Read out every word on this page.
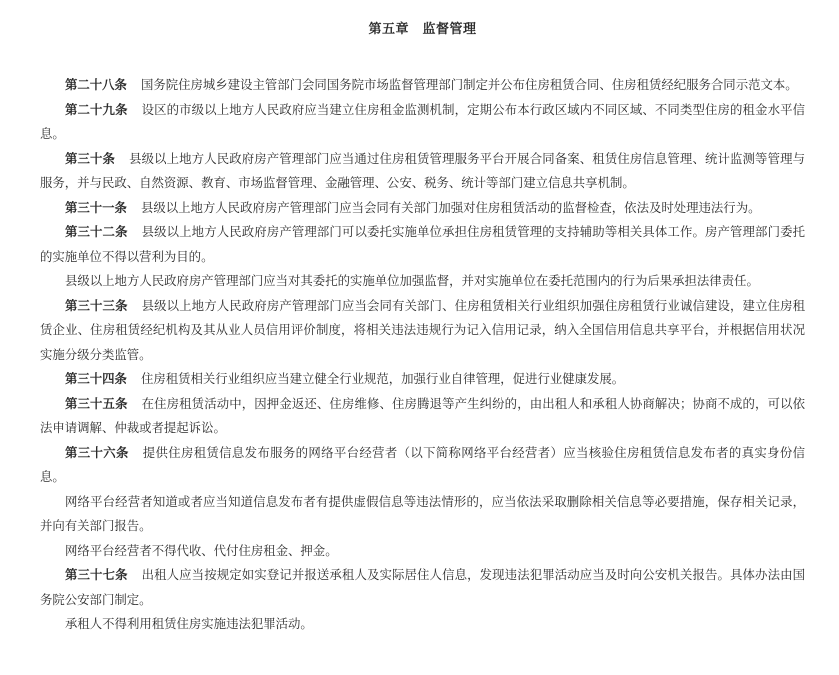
第五章　监督管理

第二十八条 国务院住房城乡建设主管部门会同国务院市场监督管理部门制定并公布住房租赁合同、住房租赁经纪服务合同示范文本。

第二十九条 设区的市级以上地方人民政府应当建立住房租金监测机制，定期公布本行政区域内不同区域、不同类型住房的租金水平信息。

第三十条 县级以上地方人民政府房产管理部门应当通过住房租赁管理服务平台开展合同备案、租赁住房信息管理、统计监测等管理与服务，并与民政、自然资源、教育、市场监督管理、金融管理、公安、税务、统计等部门建立信息共享机制。

第三十一条 县级以上地方人民政府房产管理部门应当会同有关部门加强对住房租赁活动的监督检查，依法及时处理违法行为。

第三十二条 县级以上地方人民政府房产管理部门可以委托实施单位承担住房租赁管理的支持辅助等相关具体工作。房产管理部门委托的实施单位不得以营利为目的。

县级以上地方人民政府房产管理部门应当对其委托的实施单位加强监督，并对实施单位在委托范围内的行为后果承担法律责任。

第三十三条 县级以上地方人民政府房产管理部门应当会同有关部门、住房租赁相关行业组织加强住房租赁行业诚信建设，建立住房租赁企业、住房租赁经纪机构及其从业人员信用评价制度，将相关违法违规行为记入信用记录，纳入全国信用信息共享平台，并根据信用状况实施分级分类监管。

第三十四条 住房租赁相关行业组织应当建立健全行业规范，加强行业自律管理，促进行业健康发展。

第三十五条 在住房租赁活动中，因押金返还、住房维修、住房腾退等产生纠纷的，由出租人和承租人协商解决；协商不成的，可以依法申请调解、仲裁或者提起诉讼。

第三十六条 提供住房租赁信息发布服务的网络平台经营者（以下简称网络平台经营者）应当核验住房租赁信息发布者的真实身份信息。

网络平台经营者知道或者应当知道信息发布者有提供虚假信息等违法情形的，应当依法采取删除相关信息等必要措施，保存相关记录，并向有关部门报告。

网络平台经营者不得代收、代付住房租金、押金。

第三十七条 出租人应当按规定如实登记并报送承租人及实际居住人信息，发现违法犯罪活动应当及时向公安机关报告。具体办法由国务院公安部门制定。

承租人不得利用租赁住房实施违法犯罪活动。
